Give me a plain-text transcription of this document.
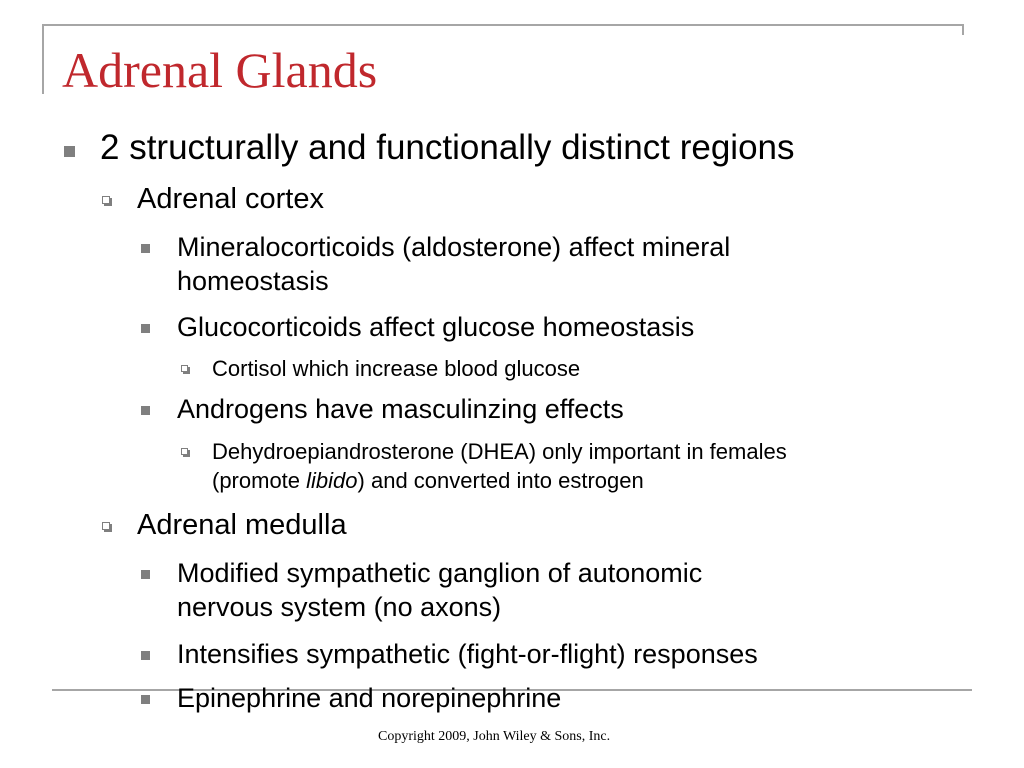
Adrenal Glands
2 structurally and functionally distinct regions
Adrenal cortex
Mineralocorticoids (aldosterone) affect mineral
homeostasis
Glucocorticoids affect glucose homeostasis
Cortisol which increase blood glucose
Androgens have masculinzing effects
Dehydroepiandrosterone (DHEA) only important in females
(promote libido) and converted into estrogen
Adrenal medulla
Modified sympathetic ganglion of autonomic
nervous system (no axons)
Intensifies sympathetic (fight-or-flight) responses
Epinephrine and norepinephrine
Copyright 2009, John Wiley & Sons, Inc.
